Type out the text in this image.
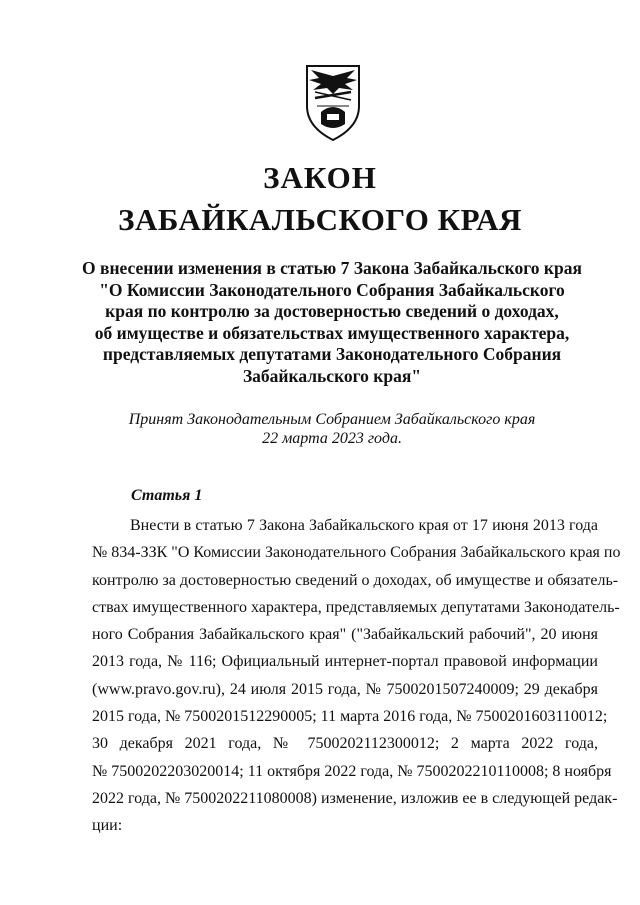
ЗАКОН
ЗАБАЙКАЛЬСКОГО КРАЯ
О внесении изменения в статью 7 Закона Забайкальского края
"О Комиссии Законодательного Собрания Забайкальского
края по контролю за достоверностью сведений о доходах,
об имуществе и обязательствах имущественного характера,
представляемых депутатами Законодательного Собрания
Забайкальского края"
Принят Законодательным Собранием Забайкальского края
22 марта 2023 года.
Статья 1
Внести в статью 7 Закона Забайкальского края от 17 июня 2013 года
№ 834-ЗЗК "О Комиссии Законодательного Собрания Забайкальского края по
контролю за достоверностью сведений о доходах, об имуществе и обязатель-
ствах имущественного характера, представляемых депутатами Законодатель-
ного Собрания Забайкальского края" ("Забайкальский рабочий", 20 июня
2013 года, № 116; Официальный интернет-портал правовой информации
(www.pravo.gov.ru), 24 июля 2015 года, № 7500201507240009; 29 декабря
2015 года, № 7500201512290005; 11 марта 2016 года, № 7500201603110012;
30 декабря 2021 года, № 7500202112300012; 2 марта 2022 года,
№ 7500202203020014; 11 октября 2022 года, № 7500202210110008; 8 ноября
2022 года, № 7500202211080008) изменение, изложив ее в следующей редак-
ции:
